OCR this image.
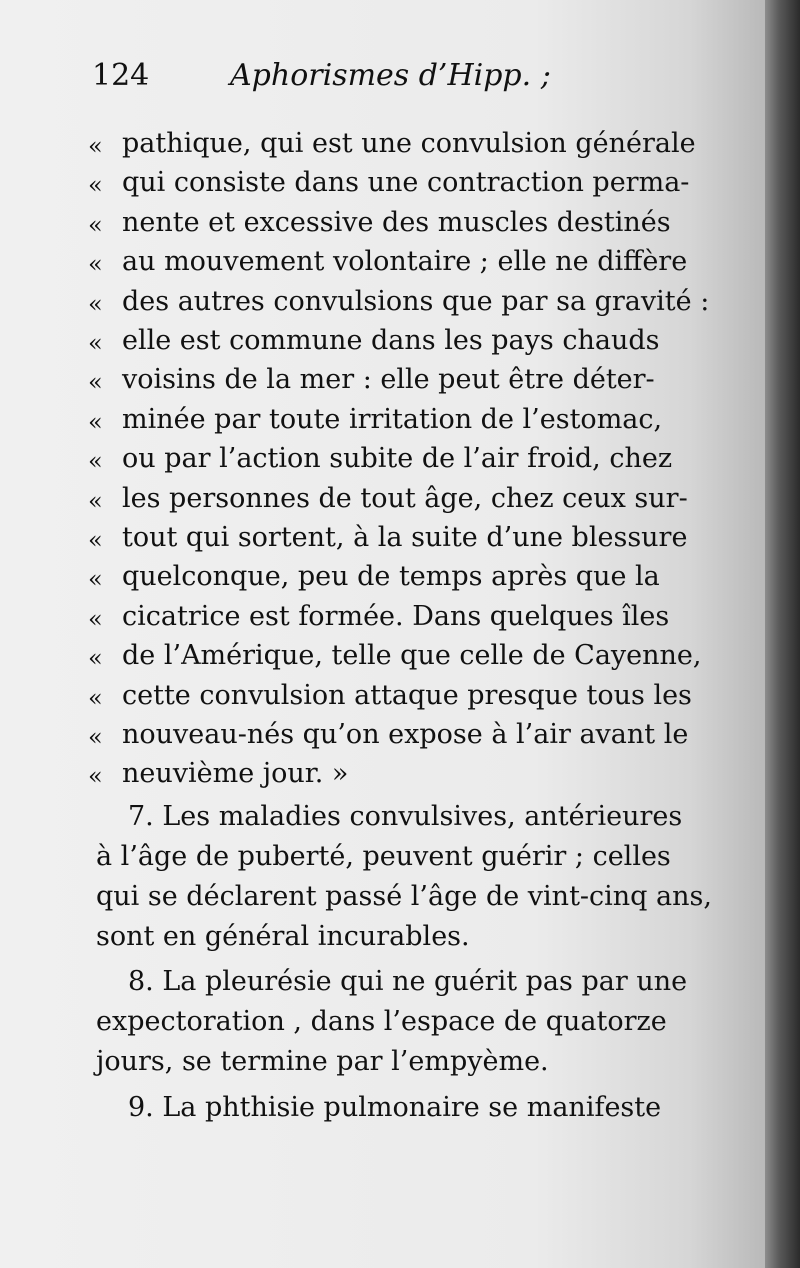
124	Aphorismes d’Hipp. ;
« pathique, qui est une convulsion générale
« qui consiste dans une contraction perma-
« nente et excessive des muscles destinés
« au mouvement volontaire ; elle ne diffère
« des autres convulsions que par sa gravité :
« elle est commune dans les pays chauds
« voisins de la mer : elle peut être déter-
« minée par toute irritation de l’estomac,
« ou par l’action subite de l’air froid, chez
« les personnes de tout âge, chez ceux sur-
« tout qui sortent, à la suite d’une blessure
« quelconque, peu de temps après que la
« cicatrice est formée. Dans quelques îles
« de l’Amérique, telle que celle de Cayenne,
« cette convulsion attaque presque tous les
« nouveau-nés qu’on expose à l’air avant le
« neuvième jour. »
7. Les maladies convulsives, antérieures
à l’âge de puberté, peuvent guérir ; celles
qui se déclarent passé l’âge de vint-cinq ans,
sont en général incurables.
8. La pleurésie qui ne guérit pas par une
expectoration , dans l’espace de quatorze
jours, se termine par l’empyème.
9. La phthisie pulmonaire se manifeste
